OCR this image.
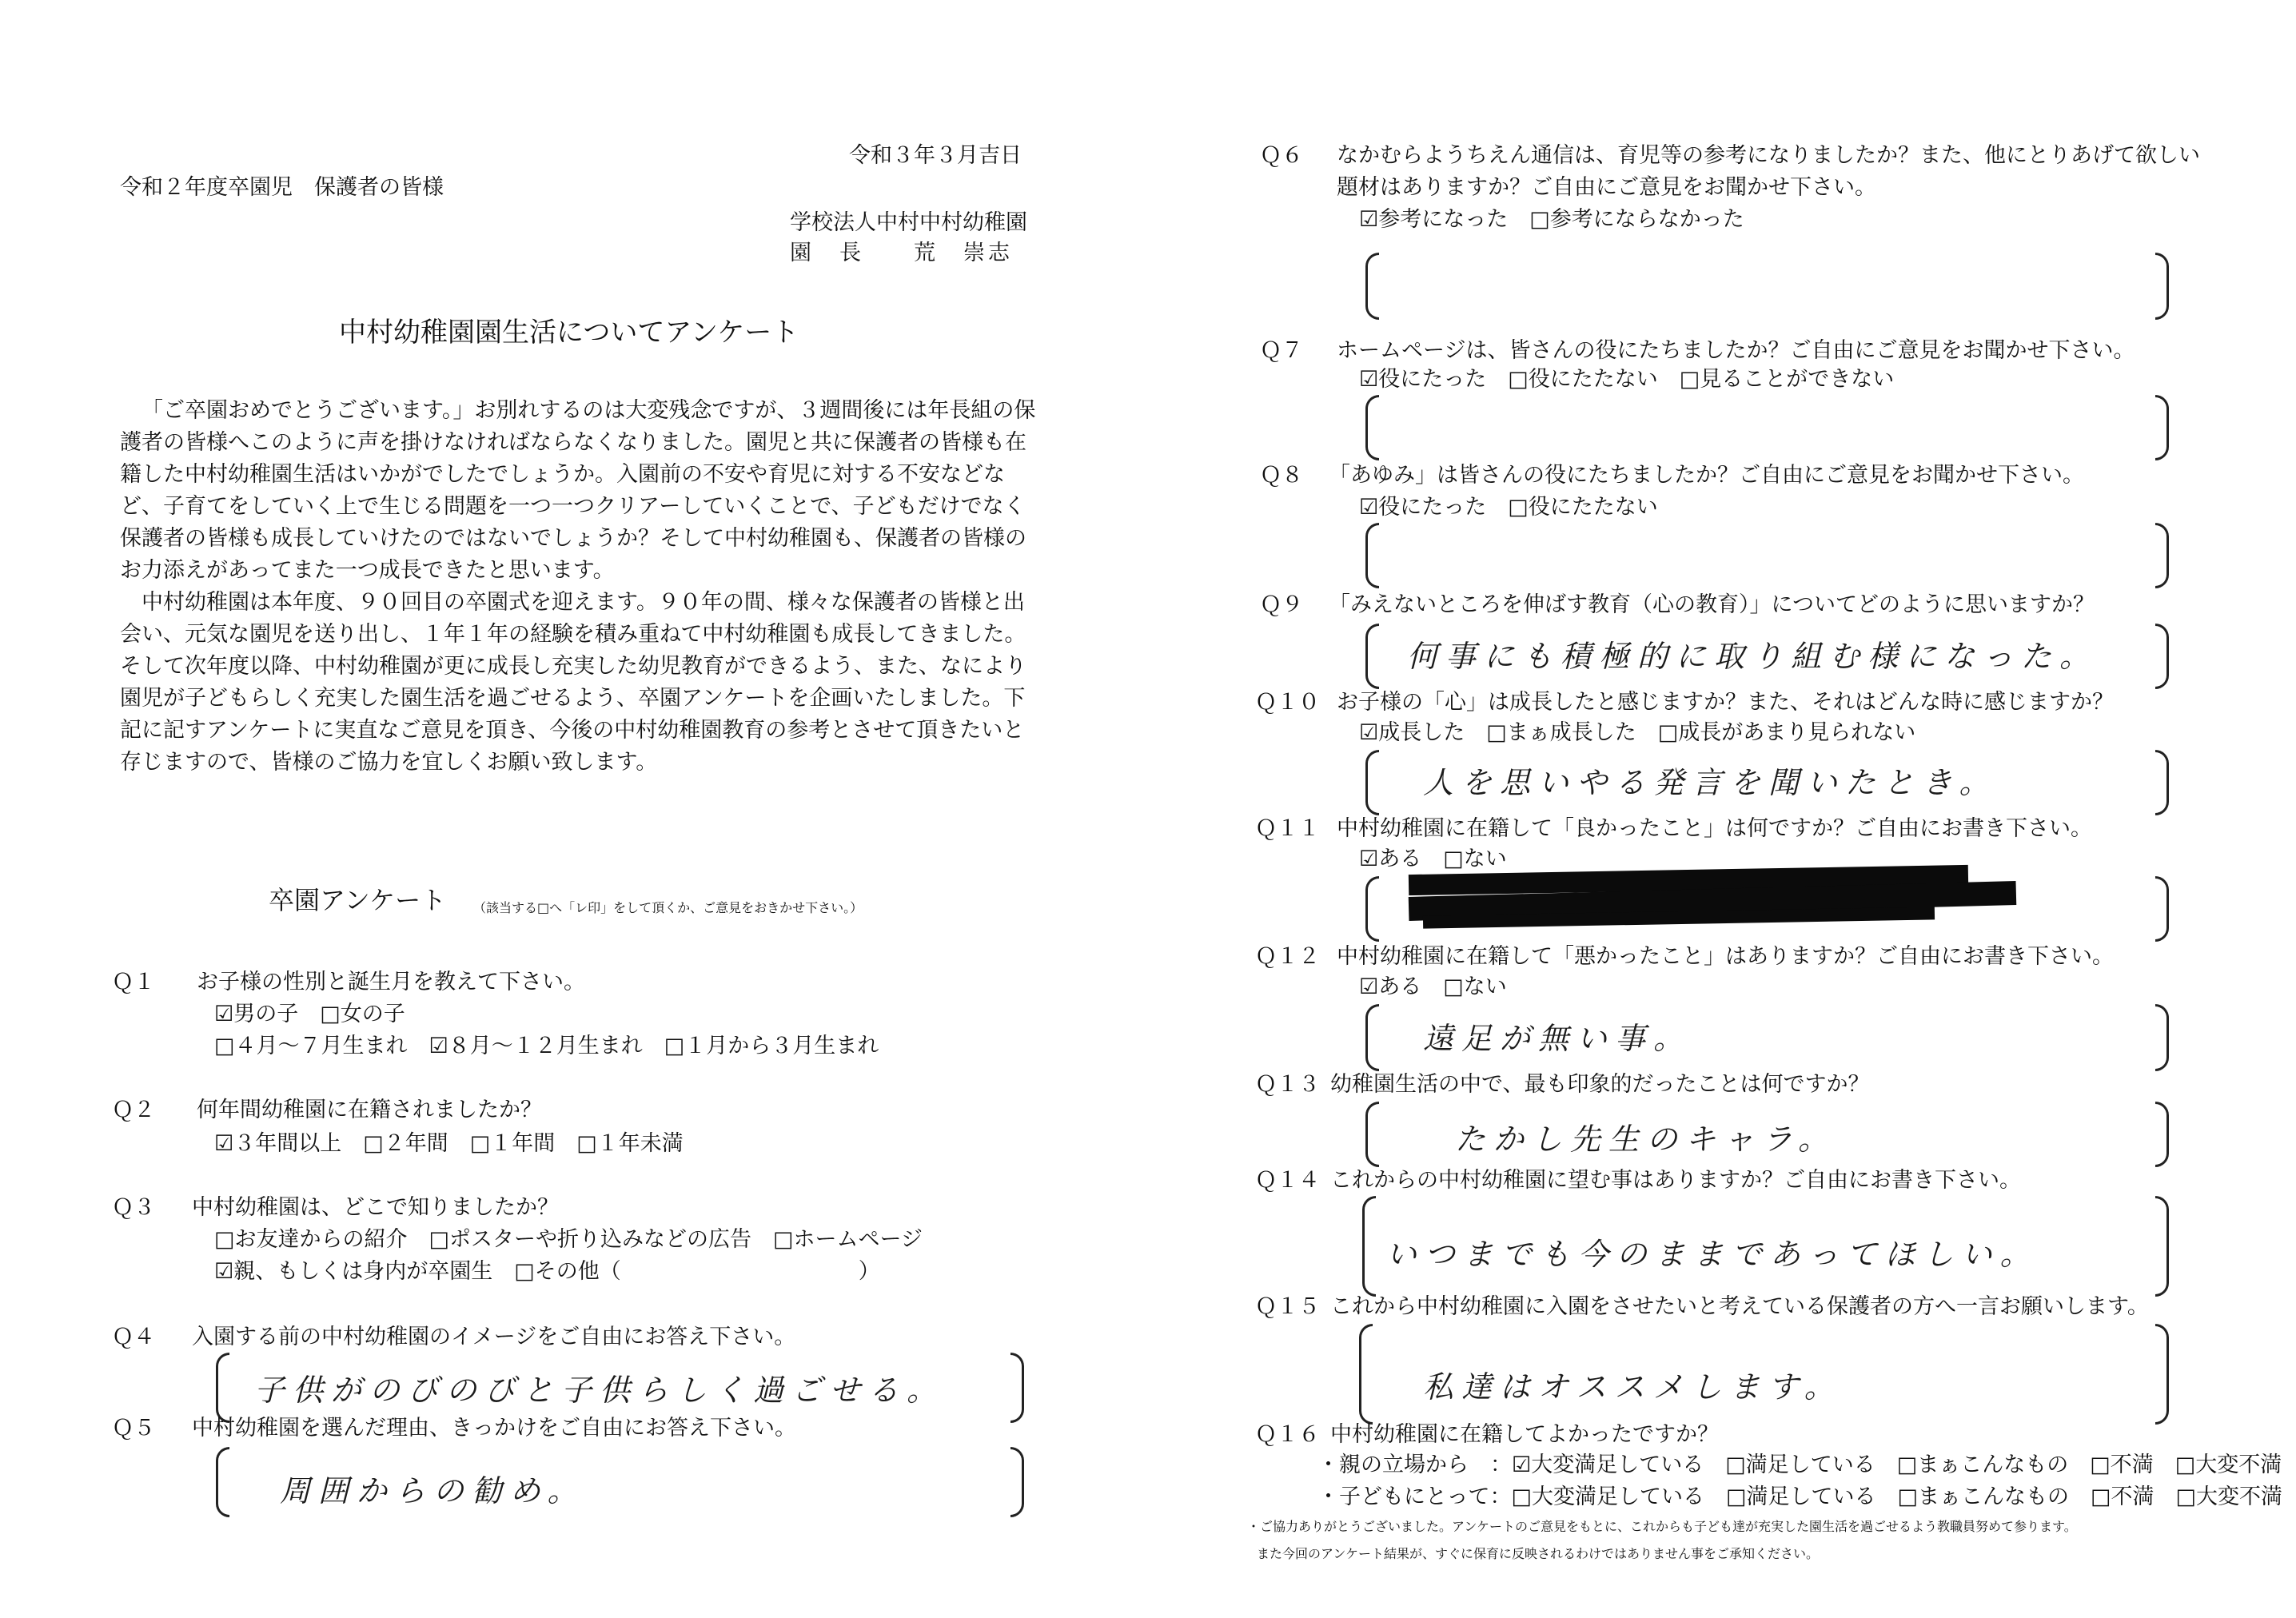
令和２年度卒園児　保護者の皆様
令和３年３月吉日
学校法人中村中村幼稚園
園　長　　荒　崇志
中村幼稚園園生活についてアンケート

「ご卒園おめでとうございます。」お別れするのは大変残念ですが、３週間後には年長組の保護者の皆様へこのように声を掛けなければならなくなりました。園児と共に保護者の皆様も在籍した中村幼稚園生活はいかがでしたでしょうか。入園前の不安や育児に対する不安などなど、子育てをしていく上で生じる問題を一つ一つクリアーしていくことで、子どもだけでなく保護者の皆様も成長していけたのではないでしょうか？そして中村幼稚園も、保護者の皆様のお力添えがあってまた一つ成長できたと思います。

中村幼稚園は本年度、９０回目の卒園式を迎えます。９０年の間、様々な保護者の皆様と出会い、元気な園児を送り出し、１年１年の経験を積み重ねて中村幼稚園も成長してきました。そして次年度以降、中村幼稚園が更に成長し充実した幼児教育ができるよう、また、なにより園児が子どもらしく充実した園生活を過ごせるよう、卒園アンケートを企画いたしました。下記に記すアンケートに実直なご意見を頂き、今後の中村幼稚園教育の参考とさせて頂きたいと存じますので、皆様のご協力を宜しくお願い致します。

卒園アンケート （該当する□へ「レ印」をして頂くか、ご意見をおきかせ下さい。）
Ｑ１ お子様の性別と誕生月を教えて下さい。
☑男の子　□女の子
□４月〜７月生まれ　☑８月〜１２月生まれ　□１月から３月生まれ
Ｑ２ 何年間幼稚園に在籍されましたか？
☑３年間以上　□２年間　□１年間　□１年未満
Ｑ３ 中村幼稚園は、どこで知りましたか？
□お友達からの紹介　□ポスターや折り込みなどの広告　□ホームページ
☑親、もしくは身内が卒園生　□その他（　　　　　　　　　　　）
Ｑ４ 入園する前の中村幼稚園のイメージをご自由にお答え下さい。
子供がのびのびと子供らしく過ごせる。
Ｑ５ 中村幼稚園を選んだ理由、きっかけをご自由にお答え下さい。
周囲からの勧め。
Ｑ６ なかむらようちえん通信は、育児等の参考になりましたか？また、他にとりあげて欲しい
題材はありますか？ご自由にご意見をお聞かせ下さい。
☑参考になった　□参考にならなかった
Ｑ７ ホームページは、皆さんの役にたちましたか？ご自由にご意見をお聞かせ下さい。
☑役にたった　□役にたたない　□見ることができない
Ｑ８ 「あゆみ」は皆さんの役にたちましたか？ご自由にご意見をお聞かせ下さい。
☑役にたった　□役にたたない
Ｑ９ 「みえないところを伸ばす教育（心の教育）」についてどのように思いますか？
何事にも積極的に取り組む様になった。
Ｑ１０ お子様の「心」は成長したと感じますか？また、それはどんな時に感じますか？
☑成長した　□まぁ成長した　□成長があまり見られない
人を思いやる発言を聞いたとき。
Ｑ１１ 中村幼稚園に在籍して「良かったこと」は何ですか？ご自由にお書き下さい。
☑ある　□ない
Ｑ１２ 中村幼稚園に在籍して「悪かったこと」はありますか？ご自由にお書き下さい。
☑ある　□ない
遠足が無い事。
Ｑ１３ 幼稚園生活の中で、最も印象的だったことは何ですか？
たかし先生のキャラ。
Ｑ１４ これからの中村幼稚園に望む事はありますか？ご自由にお書き下さい。
いつまでも今のままであってほしい。
Ｑ１５ これから中村幼稚園に入園をさせたいと考えている保護者の方へ一言お願いします。
私達はオススメします。
Ｑ１６ 中村幼稚園に在籍してよかったですか？
・親の立場から　：☑大変満足している　□満足している　□まぁこんなもの　□不満　□大変不満
・子どもにとって：□大変満足している　□満足している　□まぁこんなもの　□不満　□大変不満
・ご協力ありがとうございました。アンケートのご意見をもとに、これからも子ども達が充実した園生活を過ごせるよう教職員努めて参ります。
また今回のアンケート結果が、すぐに保育に反映されるわけではありません事をご承知ください。
